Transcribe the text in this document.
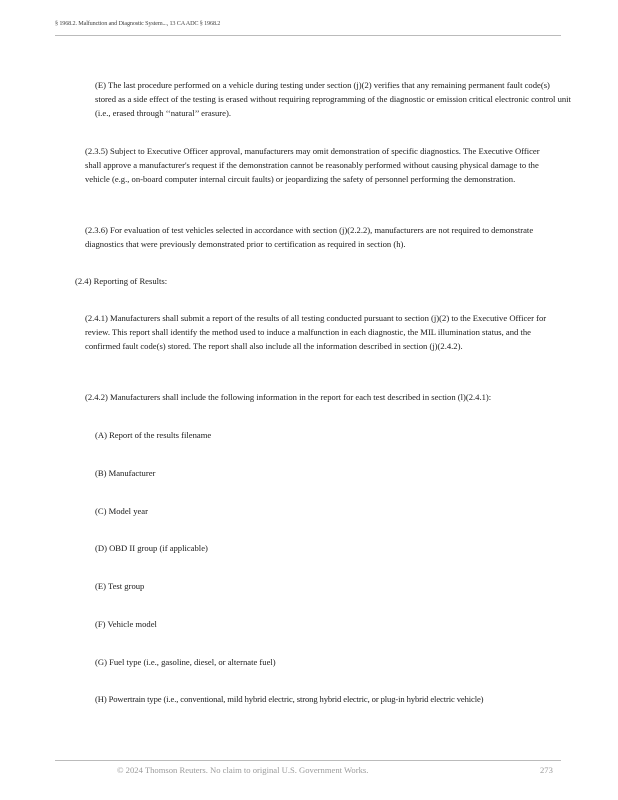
§ 1968.2. Malfunction and Diagnostic System..., 13 CA ADC § 1968.2

(E) The last procedure performed on a vehicle during testing under section (j)(2) verifies that any remaining permanent fault code(s) stored as a side effect of the testing is erased without requiring reprogramming of the diagnostic or emission critical electronic control unit (i.e., erased through ‘‘natural’’ erasure).

(2.3.5) Subject to Executive Officer approval, manufacturers may omit demonstration of specific diagnostics. The Executive Officer shall approve a manufacturer's request if the demonstration cannot be reasonably performed without causing physical damage to the vehicle (e.g., on-board computer internal circuit faults) or jeopardizing the safety of personnel performing the demonstration.

(2.3.6) For evaluation of test vehicles selected in accordance with section (j)(2.2.2), manufacturers are not required to demonstrate diagnostics that were previously demonstrated prior to certification as required in section (h).

(2.4) Reporting of Results:

(2.4.1) Manufacturers shall submit a report of the results of all testing conducted pursuant to section (j)(2) to the Executive Officer for review. This report shall identify the method used to induce a malfunction in each diagnostic, the MIL illumination status, and the confirmed fault code(s) stored. The report shall also include all the information described in section (j)(2.4.2).

(2.4.2) Manufacturers shall include the following information in the report for each test described in section (l)(2.4.1):

(A) Report of the results filename

(B) Manufacturer

(C) Model year

(D) OBD II group (if applicable)

(E) Test group

(F) Vehicle model

(G) Fuel type (i.e., gasoline, diesel, or alternate fuel)

(H) Powertrain type (i.e., conventional, mild hybrid electric, strong hybrid electric, or plug-in hybrid electric vehicle)

© 2024 Thomson Reuters. No claim to original U.S. Government Works.	273
